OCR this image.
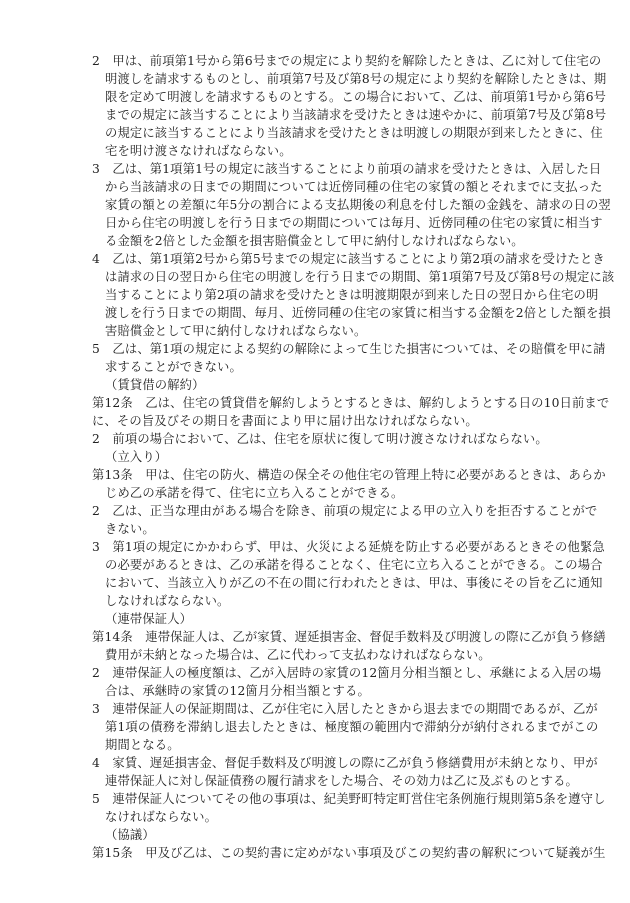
2　甲は、前項第1号から第6号までの規定により契約を解除したときは、乙に対して住宅の
明渡しを請求するものとし、前項第7号及び第8号の規定により契約を解除したときは、期
限を定めて明渡しを請求するものとする。この場合において、乙は、前項第1号から第6号
までの規定に該当することにより当該請求を受けたときは速やかに、前項第7号及び第8号
の規定に該当することにより当該請求を受けたときは明渡しの期限が到来したときに、住
宅を明け渡さなければならない。
3　乙は、第1項第1号の規定に該当することにより前項の請求を受けたときは、入居した日
から当該請求の日までの期間については近傍同種の住宅の家賃の額とそれまでに支払った
家賃の額との差額に年5分の割合による支払期後の利息を付した額の金銭を、請求の日の翌
日から住宅の明渡しを行う日までの期間については毎月、近傍同種の住宅の家賃に相当す
る金額を2倍とした金額を損害賠償金として甲に納付しなければならない。
4　乙は、第1項第2号から第5号までの規定に該当することにより第2項の請求を受けたとき
は請求の日の翌日から住宅の明渡しを行う日までの期間、第1項第7号及び第8号の規定に該
当することにより第2項の請求を受けたときは明渡期限が到来した日の翌日から住宅の明
渡しを行う日までの期間、毎月、近傍同種の住宅の家賃に相当する金額を2倍とした額を損
害賠償金として甲に納付しなければならない。
5　乙は、第1項の規定による契約の解除によって生じた損害については、その賠償を甲に請
求することができない。
（賃貸借の解約）
第12条　乙は、住宅の賃貸借を解約しようとするときは、解約しようとする日の10日前まで
に、その旨及びその期日を書面により甲に届け出なければならない。
2　前項の場合において、乙は、住宅を原状に復して明け渡さなければならない。
（立入り）
第13条　甲は、住宅の防火、構造の保全その他住宅の管理上特に必要があるときは、あらか
じめ乙の承諾を得て、住宅に立ち入ることができる。
2　乙は、正当な理由がある場合を除き、前項の規定による甲の立入りを拒否することがで
きない。
3　第1項の規定にかかわらず、甲は、火災による延焼を防止する必要があるときその他緊急
の必要があるときは、乙の承諾を得ることなく、住宅に立ち入ることができる。この場合
において、当該立入りが乙の不在の間に行われたときは、甲は、事後にその旨を乙に通知
しなければならない。
（連帯保証人）
第14条　連帯保証人は、乙が家賃、遅延損害金、督促手数料及び明渡しの際に乙が負う修繕
費用が未納となった場合は、乙に代わって支払わなければならない。
2　連帯保証人の極度額は、乙が入居時の家賃の12箇月分相当額とし、承継による入居の場
合は、承継時の家賃の12箇月分相当額とする。
3　連帯保証人の保証期間は、乙が住宅に入居したときから退去までの期間であるが、乙が
第1項の債務を滞納し退去したときは、極度額の範囲内で滞納分が納付されるまでがこの
期間となる。
4　家賃、遅延損害金、督促手数料及び明渡しの際に乙が負う修繕費用が未納となり、甲が
連帯保証人に対し保証債務の履行請求をした場合、その効力は乙に及ぶものとする。
5　連帯保証人についてその他の事項は、紀美野町特定町営住宅条例施行規則第5条を遵守し
なければならない。
（協議）
第15条　甲及び乙は、この契約書に定めがない事項及びこの契約書の解釈について疑義が生
